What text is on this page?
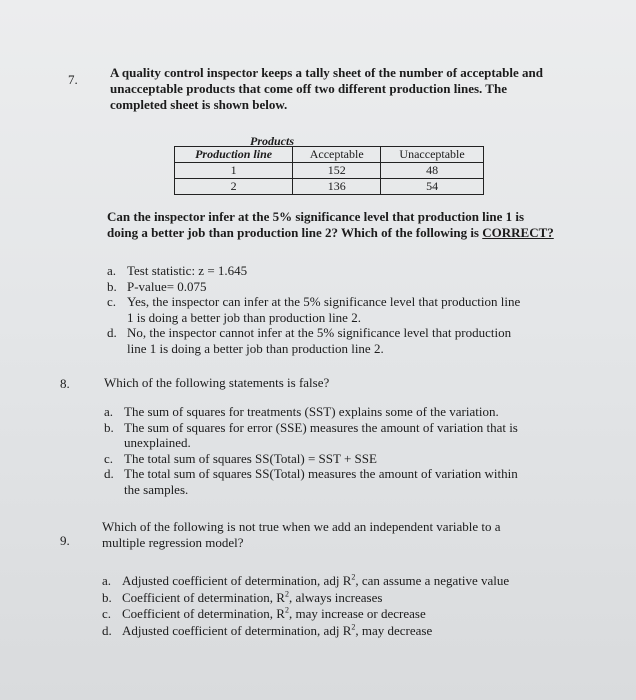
7. A quality control inspector keeps a tally sheet of the number of acceptable and
unacceptable products that come off two different production lines. The
completed sheet is shown below.
Products
Production line	Acceptable	Unacceptable
1	152	48
2	136	54
Can the inspector infer at the 5% significance level that production line 1 is
doing a better job than production line 2? Which of the following is CORRECT?
a. Test statistic: z = 1.645
b. P-value= 0.075
c. Yes, the inspector can infer at the 5% significance level that production line
1 is doing a better job than production line 2.
d. No, the inspector cannot infer at the 5% significance level that production
line 1 is doing a better job than production line 2.
8.	Which of the following statements is false?
a. The sum of squares for treatments (SST) explains some of the variation.
b. The sum of squares for error (SSE) measures the amount of variation that is
unexplained.
c. The total sum of squares SS(Total) = SST + SSE
d. The total sum of squares SS(Total) measures the amount of variation within
the samples.
9.
Which of the following is not true when we add an independent variable to a
multiple regression model?
a. Adjusted coefficient of determination, adj $R^2$, can assume a negative value
b. Coefficient of determination, $R^2$, always increases
c. Coefficient of determination, $R^2$, may increase or decrease
d. Adjusted coefficient of determination, adj $R^2$, may decrease
